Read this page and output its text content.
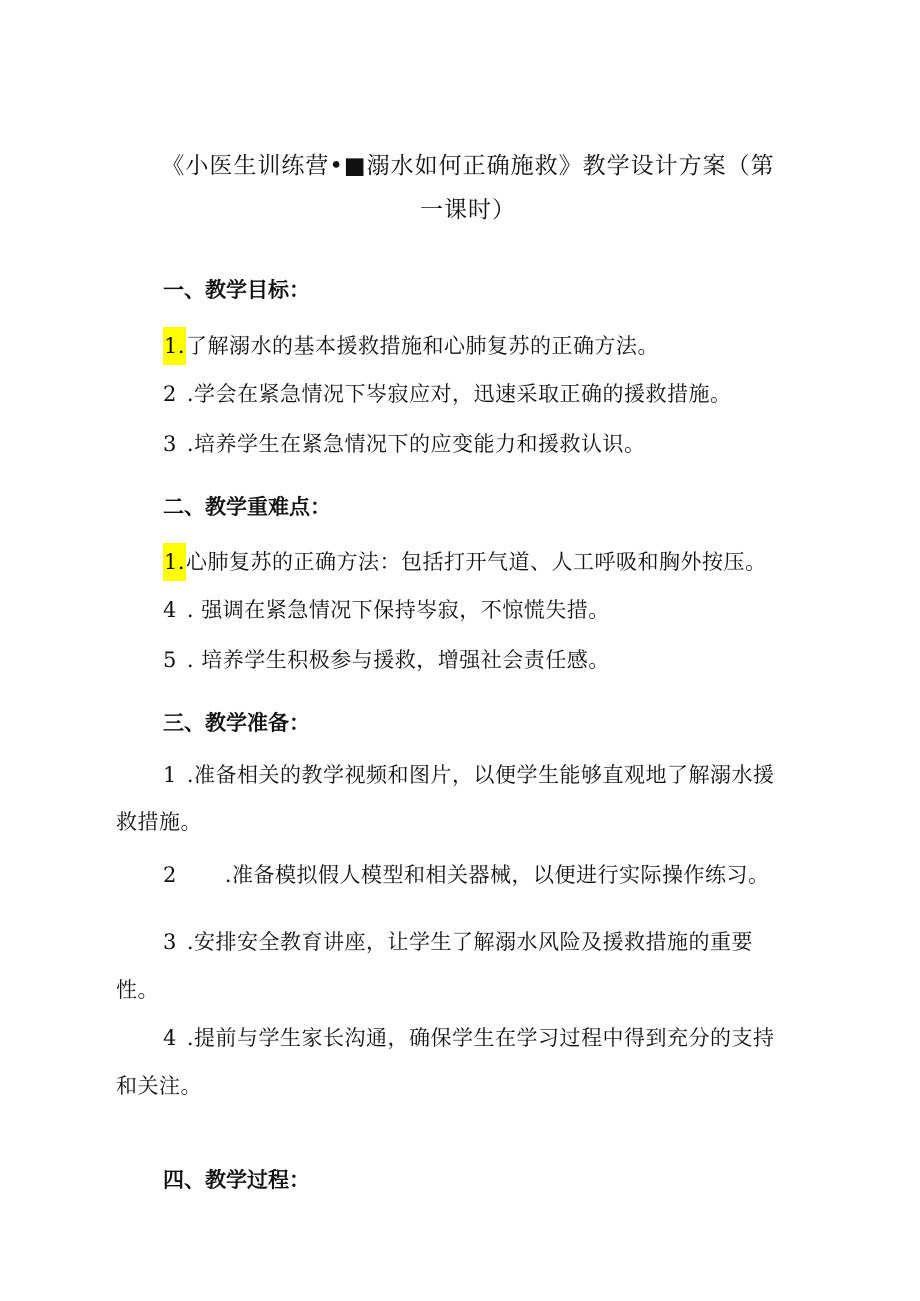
《小医生训练营•■溺水如何正确施救》教学设计方案（第
一课时）
一、教学目标：
1.了解溺水的基本援救措施和心肺复苏的正确方法。
2 .学会在紧急情况下岑寂应对，迅速采取正确的援救措施。
3 .培养学生在紧急情况下的应变能力和援救认识。
二、教学重难点：
1.心肺复苏的正确方法：包括打开气道、人工呼吸和胸外按压。
4 . 强调在紧急情况下保持岑寂，不惊慌失措。
5 . 培养学生积极参与援救，增强社会责任感。
三、教学准备：
1 .准备相关的教学视频和图片，以便学生能够直观地了解溺水援
救措施。
2 .准备模拟假人模型和相关器械，以便进行实际操作练习。
3 .安排安全教育讲座，让学生了解溺水风险及援救措施的重要
性。
4 .提前与学生家长沟通，确保学生在学习过程中得到充分的支持
和关注。
四、教学过程：
